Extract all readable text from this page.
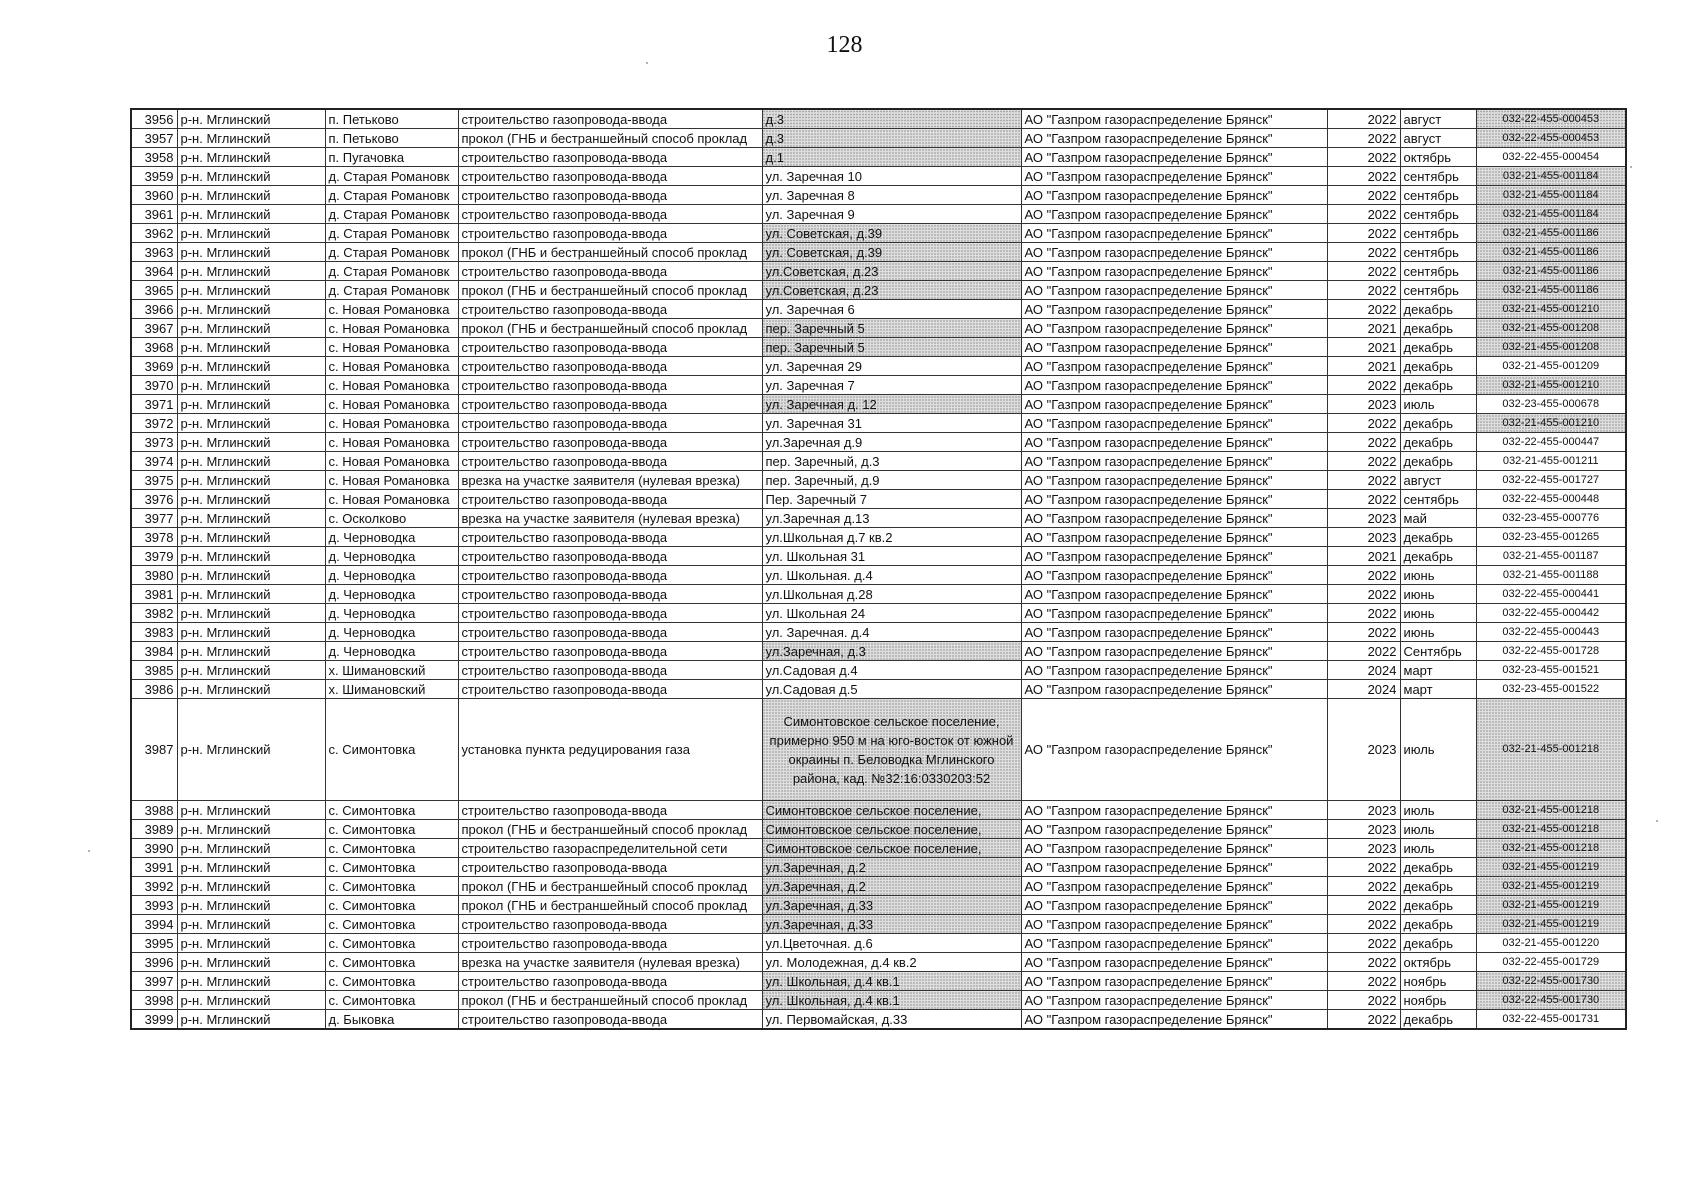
128
3956	р-н. Мглинский	п. Петьково	строительство газопровода-ввода	д.3	АО "Газпром газораспределение Брянск"	2022	август	032-22-455-000453
3957	р-н. Мглинский	п. Петьково	прокол (ГНБ и бестраншейный способ проклад	д.3	АО "Газпром газораспределение Брянск"	2022	август	032-22-455-000453
3958	р-н. Мглинский	п. Пугачовка	строительство газопровода-ввода	д.1	АО "Газпром газораспределение Брянск"	2022	октябрь	032-22-455-000454
3959	р-н. Мглинский	д. Старая Романовк	строительство газопровода-ввода	ул. Заречная 10	АО "Газпром газораспределение Брянск"	2022	сентябрь	032-21-455-001184
3960	р-н. Мглинский	д. Старая Романовк	строительство газопровода-ввода	ул. Заречная 8	АО "Газпром газораспределение Брянск"	2022	сентябрь	032-21-455-001184
3961	р-н. Мглинский	д. Старая Романовк	строительство газопровода-ввода	ул. Заречная 9	АО "Газпром газораспределение Брянск"	2022	сентябрь	032-21-455-001184
3962	р-н. Мглинский	д. Старая Романовк	строительство газопровода-ввода	ул. Советская, д.39	АО "Газпром газораспределение Брянск"	2022	сентябрь	032-21-455-001186
3963	р-н. Мглинский	д. Старая Романовк	прокол (ГНБ и бестраншейный способ проклад	ул. Советская, д.39	АО "Газпром газораспределение Брянск"	2022	сентябрь	032-21-455-001186
3964	р-н. Мглинский	д. Старая Романовк	строительство газопровода-ввода	ул.Советская, д.23	АО "Газпром газораспределение Брянск"	2022	сентябрь	032-21-455-001186
3965	р-н. Мглинский	д. Старая Романовк	прокол (ГНБ и бестраншейный способ проклад	ул.Советская, д.23	АО "Газпром газораспределение Брянск"	2022	сентябрь	032-21-455-001186
3966	р-н. Мглинский	с. Новая Романовка	строительство газопровода-ввода	ул. Заречная 6	АО "Газпром газораспределение Брянск"	2022	декабрь	032-21-455-001210
3967	р-н. Мглинский	с. Новая Романовка	прокол (ГНБ и бестраншейный способ проклад	пер. Заречный 5	АО "Газпром газораспределение Брянск"	2021	декабрь	032-21-455-001208
3968	р-н. Мглинский	с. Новая Романовка	строительство газопровода-ввода	пер. Заречный 5	АО "Газпром газораспределение Брянск"	2021	декабрь	032-21-455-001208
3969	р-н. Мглинский	с. Новая Романовка	строительство газопровода-ввода	ул. Заречная 29	АО "Газпром газораспределение Брянск"	2021	декабрь	032-21-455-001209
3970	р-н. Мглинский	с. Новая Романовка	строительство газопровода-ввода	ул. Заречная 7	АО "Газпром газораспределение Брянск"	2022	декабрь	032-21-455-001210
3971	р-н. Мглинский	с. Новая Романовка	строительство газопровода-ввода	ул. Заречная д. 12	АО "Газпром газораспределение Брянск"	2023	июль	032-23-455-000678
3972	р-н. Мглинский	с. Новая Романовка	строительство газопровода-ввода	ул. Заречная 31	АО "Газпром газораспределение Брянск"	2022	декабрь	032-21-455-001210
3973	р-н. Мглинский	с. Новая Романовка	строительство газопровода-ввода	ул.Заречная д.9	АО "Газпром газораспределение Брянск"	2022	декабрь	032-22-455-000447
3974	р-н. Мглинский	с. Новая Романовка	строительство газопровода-ввода	пер. Заречный, д.3	АО "Газпром газораспределение Брянск"	2022	декабрь	032-21-455-001211
3975	р-н. Мглинский	с. Новая Романовка	врезка на участке заявителя (нулевая врезка)	пер. Заречный, д.9	АО "Газпром газораспределение Брянск"	2022	август	032-22-455-001727
3976	р-н. Мглинский	с. Новая Романовка	строительство газопровода-ввода	Пер. Заречный 7	АО "Газпром газораспределение Брянск"	2022	сентябрь	032-22-455-000448
3977	р-н. Мглинский	с. Осколково	врезка на участке заявителя (нулевая врезка)	ул.Заречная д.13	АО "Газпром газораспределение Брянск"	2023	май	032-23-455-000776
3978	р-н. Мглинский	д. Черноводка	строительство газопровода-ввода	ул.Школьная д.7 кв.2	АО "Газпром газораспределение Брянск"	2023	декабрь	032-23-455-001265
3979	р-н. Мглинский	д. Черноводка	строительство газопровода-ввода	ул. Школьная 31	АО "Газпром газораспределение Брянск"	2021	декабрь	032-21-455-001187
3980	р-н. Мглинский	д. Черноводка	строительство газопровода-ввода	ул. Школьная. д.4	АО "Газпром газораспределение Брянск"	2022	июнь	032-21-455-001188
3981	р-н. Мглинский	д. Черноводка	строительство газопровода-ввода	ул.Школьная д.28	АО "Газпром газораспределение Брянск"	2022	июнь	032-22-455-000441
3982	р-н. Мглинский	д. Черноводка	строительство газопровода-ввода	ул. Школьная 24	АО "Газпром газораспределение Брянск"	2022	июнь	032-22-455-000442
3983	р-н. Мглинский	д. Черноводка	строительство газопровода-ввода	ул. Заречная. д.4	АО "Газпром газораспределение Брянск"	2022	июнь	032-22-455-000443
3984	р-н. Мглинский	д. Черноводка	строительство газопровода-ввода	ул.Заречная, д.3	АО "Газпром газораспределение Брянск"	2022	Сентябрь	032-22-455-001728
3985	р-н. Мглинский	х. Шимановский	строительство газопровода-ввода	ул.Садовая д.4	АО "Газпром газораспределение Брянск"	2024	март	032-23-455-001521
3986	р-н. Мглинский	х. Шимановский	строительство газопровода-ввода	ул.Садовая д.5	АО "Газпром газораспределение Брянск"	2024	март	032-23-455-001522
3987	р-н. Мглинский	с. Симонтовка	установка пункта редуцирования газа	Симонтовское сельское поселение, примерно 950 м на юго-восток от южной окраины п. Беловодка Мглинского района, кад. №32:16:0330203:52	АО "Газпром газораспределение Брянск"	2023	июль	032-21-455-001218
3988	р-н. Мглинский	с. Симонтовка	строительство газопровода-ввода	Симонтовское сельское поселение,	АО "Газпром газораспределение Брянск"	2023	июль	032-21-455-001218
3989	р-н. Мглинский	с. Симонтовка	прокол (ГНБ и бестраншейный способ проклад	Симонтовское сельское поселение,	АО "Газпром газораспределение Брянск"	2023	июль	032-21-455-001218
3990	р-н. Мглинский	с. Симонтовка	строительство газораспределительной сети	Симонтовское сельское поселение,	АО "Газпром газораспределение Брянск"	2023	июль	032-21-455-001218
3991	р-н. Мглинский	с. Симонтовка	строительство газопровода-ввода	ул.Заречная, д.2	АО "Газпром газораспределение Брянск"	2022	декабрь	032-21-455-001219
3992	р-н. Мглинский	с. Симонтовка	прокол (ГНБ и бестраншейный способ проклад	ул.Заречная, д.2	АО "Газпром газораспределение Брянск"	2022	декабрь	032-21-455-001219
3993	р-н. Мглинский	с. Симонтовка	прокол (ГНБ и бестраншейный способ проклад	ул.Заречная, д.33	АО "Газпром газораспределение Брянск"	2022	декабрь	032-21-455-001219
3994	р-н. Мглинский	с. Симонтовка	строительство газопровода-ввода	ул.Заречная, д.33	АО "Газпром газораспределение Брянск"	2022	декабрь	032-21-455-001219
3995	р-н. Мглинский	с. Симонтовка	строительство газопровода-ввода	ул.Цветочная. д.6	АО "Газпром газораспределение Брянск"	2022	декабрь	032-21-455-001220
3996	р-н. Мглинский	с. Симонтовка	врезка на участке заявителя (нулевая врезка)	ул. Молодежная, д.4 кв.2	АО "Газпром газораспределение Брянск"	2022	октябрь	032-22-455-001729
3997	р-н. Мглинский	с. Симонтовка	строительство газопровода-ввода	ул. Школьная, д.4 кв.1	АО "Газпром газораспределение Брянск"	2022	ноябрь	032-22-455-001730
3998	р-н. Мглинский	с. Симонтовка	прокол (ГНБ и бестраншейный способ проклад	ул. Школьная, д.4 кв.1	АО "Газпром газораспределение Брянск"	2022	ноябрь	032-22-455-001730
3999	р-н. Мглинский	д. Быковка	строительство газопровода-ввода	ул. Первомайская, д.33	АО "Газпром газораспределение Брянск"	2022	декабрь	032-22-455-001731
